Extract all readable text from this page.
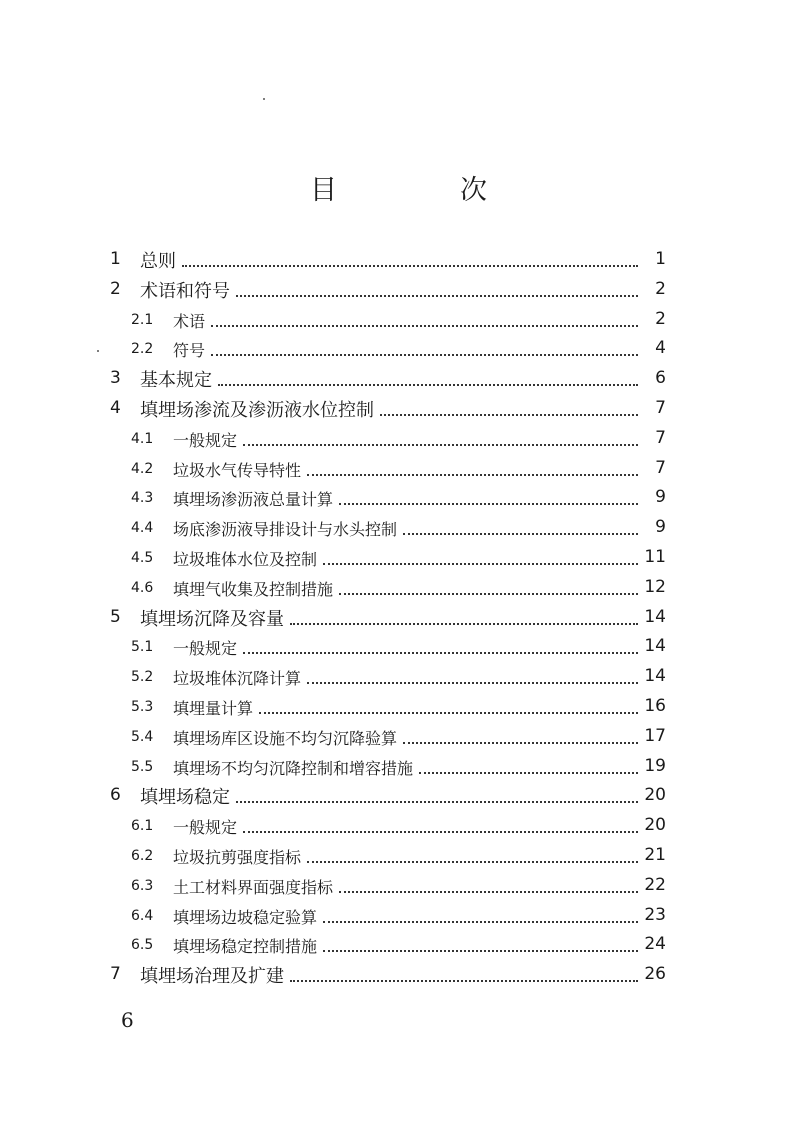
目　次
1 总则	1
2 术语和符号	2
2.1 术语	2
2.2 符号	4
3 基本规定	6
4 填埋场渗流及渗沥液水位控制	7
4.1 一般规定	7
4.2 垃圾水气传导特性	7
4.3 填埋场渗沥液总量计算	9
4.4 场底渗沥液导排设计与水头控制	9
4.5 垃圾堆体水位及控制	11
4.6 填埋气收集及控制措施	12
5 填埋场沉降及容量	14
5.1 一般规定	14
5.2 垃圾堆体沉降计算	14
5.3 填埋量计算	16
5.4 填埋场库区设施不均匀沉降验算	17
5.5 填埋场不均匀沉降控制和增容措施	19
6 填埋场稳定	20
6.1 一般规定	20
6.2 垃圾抗剪强度指标	21
6.3 土工材料界面强度指标	22
6.4 填埋场边坡稳定验算	23
6.5 填埋场稳定控制措施	24
7 填埋场治理及扩建	26
6
